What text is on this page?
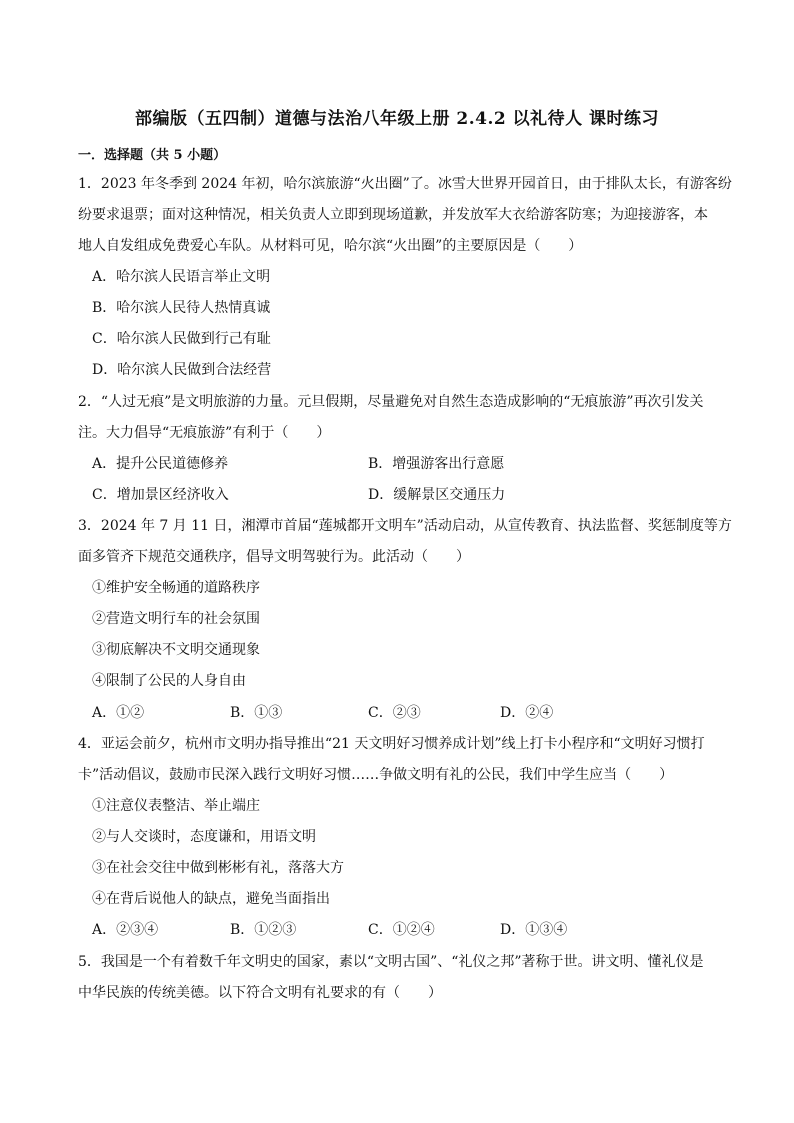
部编版（五四制）道德与法治八年级上册 2.4.2 以礼待人 课时练习
一．选择题（共 5 小题）
1．2023 年冬季到 2024 年初，哈尔滨旅游“火出圈”了。冰雪大世界开园首日，由于排队太长，有游客纷
纷要求退票；面对这种情况，相关负责人立即到现场道歉，并发放军大衣给游客防寒；为迎接游客，本
地人自发组成免费爱心车队。从材料可见，哈尔滨“火出圈”的主要原因是（　　）
A．哈尔滨人民语言举止文明
B．哈尔滨人民待人热情真诚
C．哈尔滨人民做到行己有耻
D．哈尔滨人民做到合法经营
2．“人过无痕”是文明旅游的力量。元旦假期，尽量避免对自然生态造成影响的“无痕旅游”再次引发关
注。大力倡导“无痕旅游”有利于（　　）
A．提升公民道德修养	B．增强游客出行意愿
C．增加景区经济收入	D．缓解景区交通压力
3．2024 年 7 月 11 日，湘潭市首届“莲城都开文明车”活动启动，从宣传教育、执法监督、奖惩制度等方
面多管齐下规范交通秩序，倡导文明驾驶行为。此活动（　　）
①维护安全畅通的道路秩序
②营造文明行车的社会氛围
③彻底解决不文明交通现象
④限制了公民的人身自由
A．①②	B．①③	C．②③	D．②④
4．亚运会前夕，杭州市文明办指导推出“21 天文明好习惯养成计划”线上打卡小程序和“文明好习惯打
卡”活动倡议，鼓励市民深入践行文明好习惯……争做文明有礼的公民，我们中学生应当（　　）
①注意仪表整洁、举止端庄
②与人交谈时，态度谦和，用语文明
③在社会交往中做到彬彬有礼，落落大方
④在背后说他人的缺点，避免当面指出
A．②③④	B．①②③	C．①②④	D．①③④
5．我国是一个有着数千年文明史的国家，素以“文明古国”、“礼仪之邦”著称于世。讲文明、懂礼仪是
中华民族的传统美德。以下符合文明有礼要求的有（　　）
